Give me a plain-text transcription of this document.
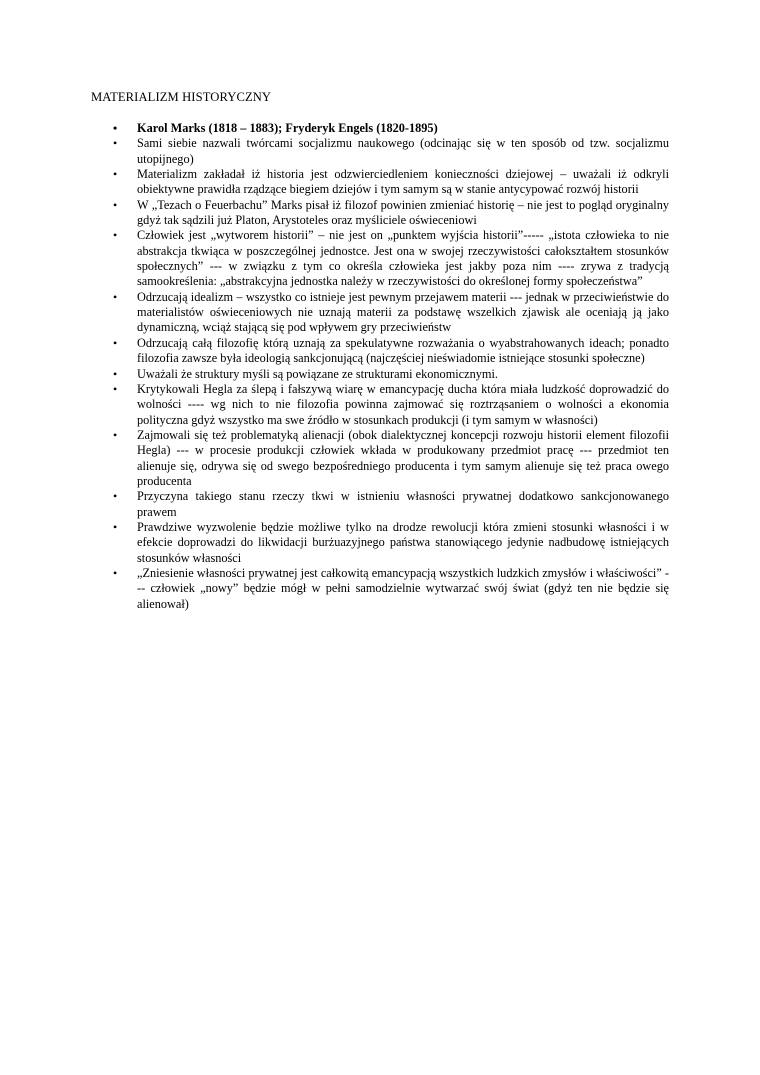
MATERIALIZM HISTORYCZNY
• Karol Marks (1818 – 1883); Fryderyk Engels (1820-1895)
• Sami siebie nazwali twórcami socjalizmu naukowego (odcinając się w ten sposób od tzw. socjalizmu utopijnego)
• Materializm zakładał iż historia jest odzwierciedleniem konieczności dziejowej – uważali iż odkryli obiektywne prawidła rządzące biegiem dziejów i tym samym są w stanie antycypować rozwój historii
• W „Tezach o Feuerbachu” Marks pisał iż filozof powinien zmieniać historię – nie jest to pogląd oryginalny gdyż tak sądzili już Platon, Arystoteles oraz myśliciele oświeceniowi
• Człowiek jest „wytworem historii” – nie jest on „punktem wyjścia historii”----- „istota człowieka to nie abstrakcja tkwiąca w poszczególnej jednostce. Jest ona w swojej rzeczywistości całokształtem stosunków społecznych” --- w związku z tym co określa człowieka jest jakby poza nim ---- zrywa z tradycją samookreślenia: „abstrakcyjna jednostka należy w rzeczywistości do określonej formy społeczeństwa”
• Odrzucają idealizm – wszystko co istnieje jest pewnym przejawem materii --- jednak w przeciwieństwie do materialistów oświeceniowych nie uznają materii za podstawę wszelkich zjawisk ale oceniają ją jako dynamiczną, wciąż stającą się pod wpływem gry przeciwieństw
• Odrzucają całą filozofię którą uznają za spekulatywne rozważania o wyabstrahowanych ideach; ponadto filozofia zawsze była ideologią sankcjonującą (najczęściej nieświadomie istniejące stosunki społeczne)
• Uważali że struktury myśli są powiązane ze strukturami ekonomicznymi.
• Krytykowali Hegla za ślepą i fałszywą wiarę w emancypację ducha która miała ludzkość doprowadzić do wolności ---- wg nich to nie filozofia powinna zajmować się roztrząsaniem o wolności a ekonomia polityczna gdyż wszystko ma swe źródło w stosunkach produkcji (i tym samym w własności)
• Zajmowali się też problematyką alienacji (obok dialektycznej koncepcji rozwoju historii element filozofii Hegla) --- w procesie produkcji człowiek wkłada w produkowany przedmiot pracę --- przedmiot ten alienuje się, odrywa się od swego bezpośredniego producenta i tym samym alienuje się też praca owego producenta
• Przyczyna takiego stanu rzeczy tkwi w istnieniu własności prywatnej dodatkowo sankcjonowanego prawem
• Prawdziwe wyzwolenie będzie możliwe tylko na drodze rewolucji która zmieni stosunki własności i w efekcie doprowadzi do likwidacji burżuazyjnego państwa stanowiącego jedynie nadbudowę istniejących stosunków własności
• „Zniesienie własności prywatnej jest całkowitą emancypacją wszystkich ludzkich zmysłów i właściwości” --- człowiek „nowy” będzie mógł w pełni samodzielnie wytwarzać swój świat (gdyż ten nie będzie się alienował)
